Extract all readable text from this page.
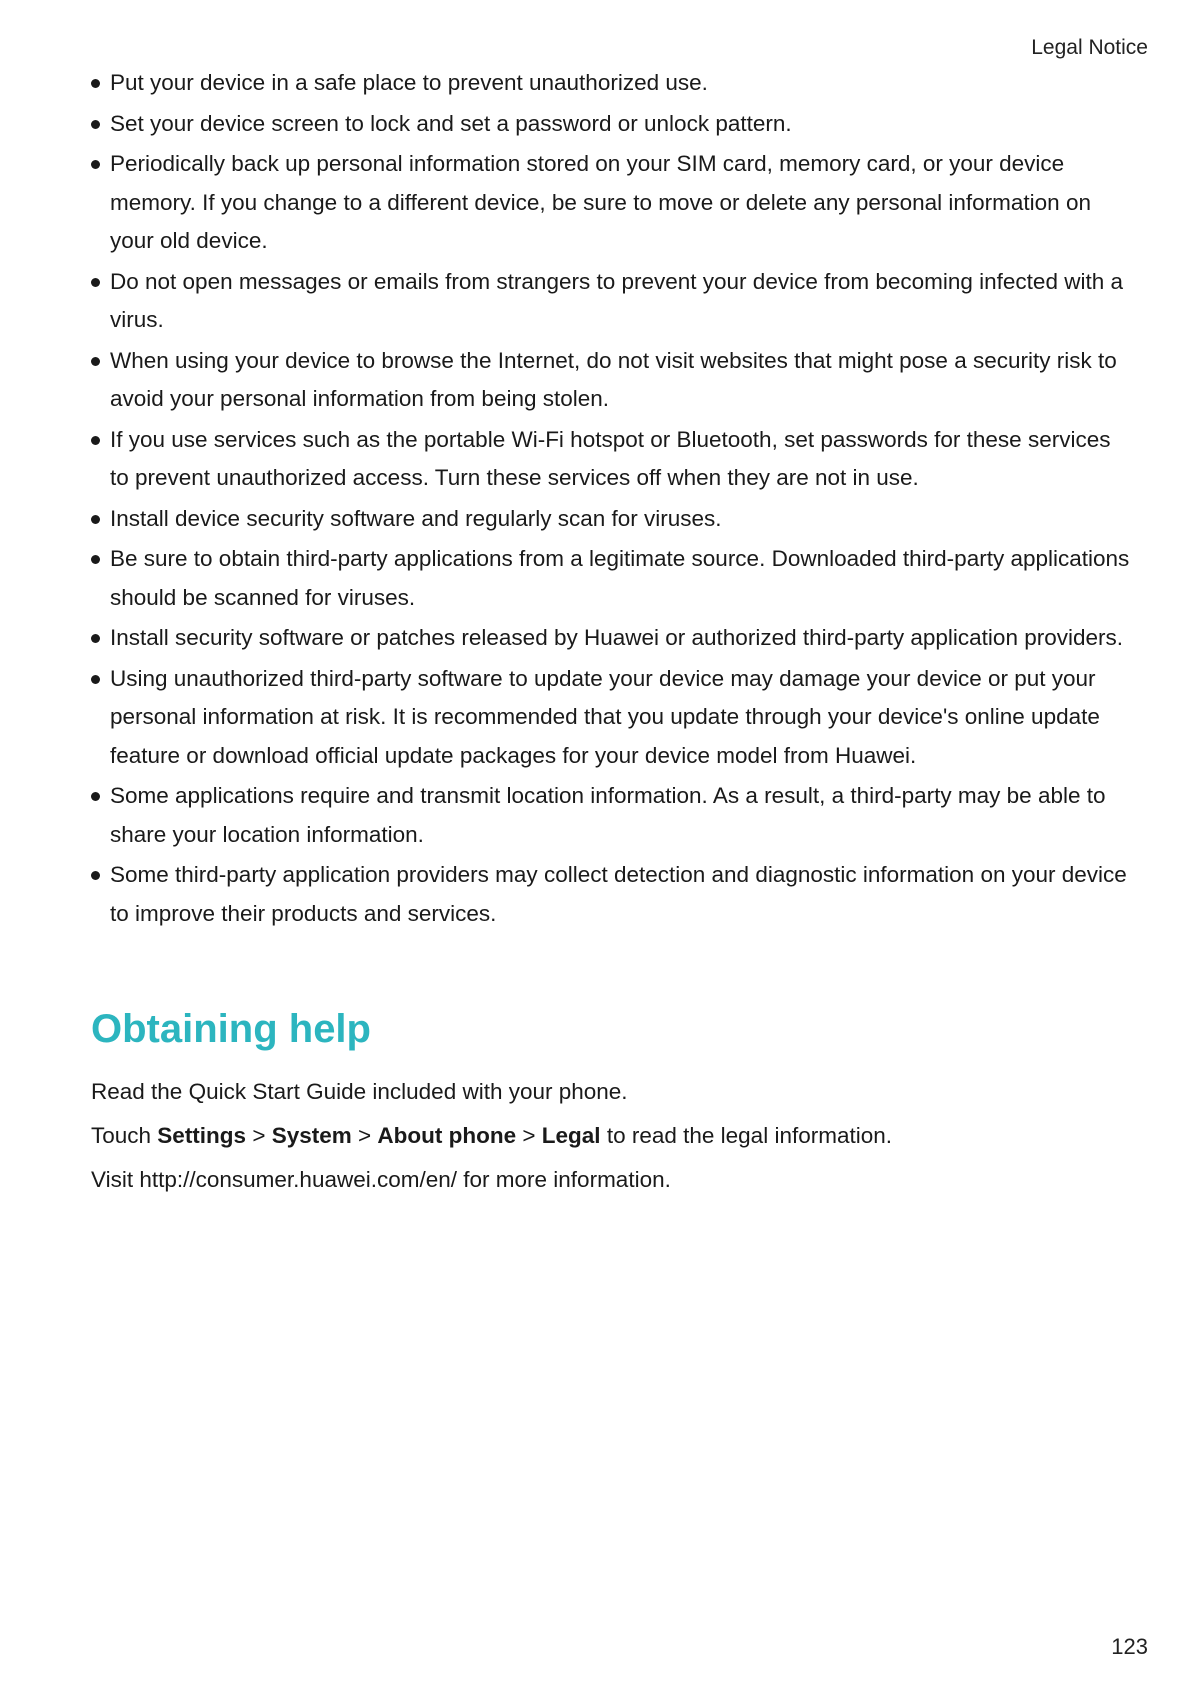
Legal Notice
Put your device in a safe place to prevent unauthorized use.
Set your device screen to lock and set a password or unlock pattern.
Periodically back up personal information stored on your SIM card, memory card, or your device memory. If you change to a different device, be sure to move or delete any personal information on your old device.
Do not open messages or emails from strangers to prevent your device from becoming infected with a virus.
When using your device to browse the Internet, do not visit websites that might pose a security risk to avoid your personal information from being stolen.
If you use services such as the portable Wi-Fi hotspot or Bluetooth, set passwords for these services to prevent unauthorized access. Turn these services off when they are not in use.
Install device security software and regularly scan for viruses.
Be sure to obtain third-party applications from a legitimate source. Downloaded third-party applications should be scanned for viruses.
Install security software or patches released by Huawei or authorized third-party application providers.
Using unauthorized third-party software to update your device may damage your device or put your personal information at risk. It is recommended that you update through your device's online update feature or download official update packages for your device model from Huawei.
Some applications require and transmit location information. As a result, a third-party may be able to share your location information.
Some third-party application providers may collect detection and diagnostic information on your device to improve their products and services.
Obtaining help

Read the Quick Start Guide included with your phone.

Touch Settings > System > About phone > Legal to read the legal information.

Visit http://consumer.huawei.com/en/ for more information.

123
